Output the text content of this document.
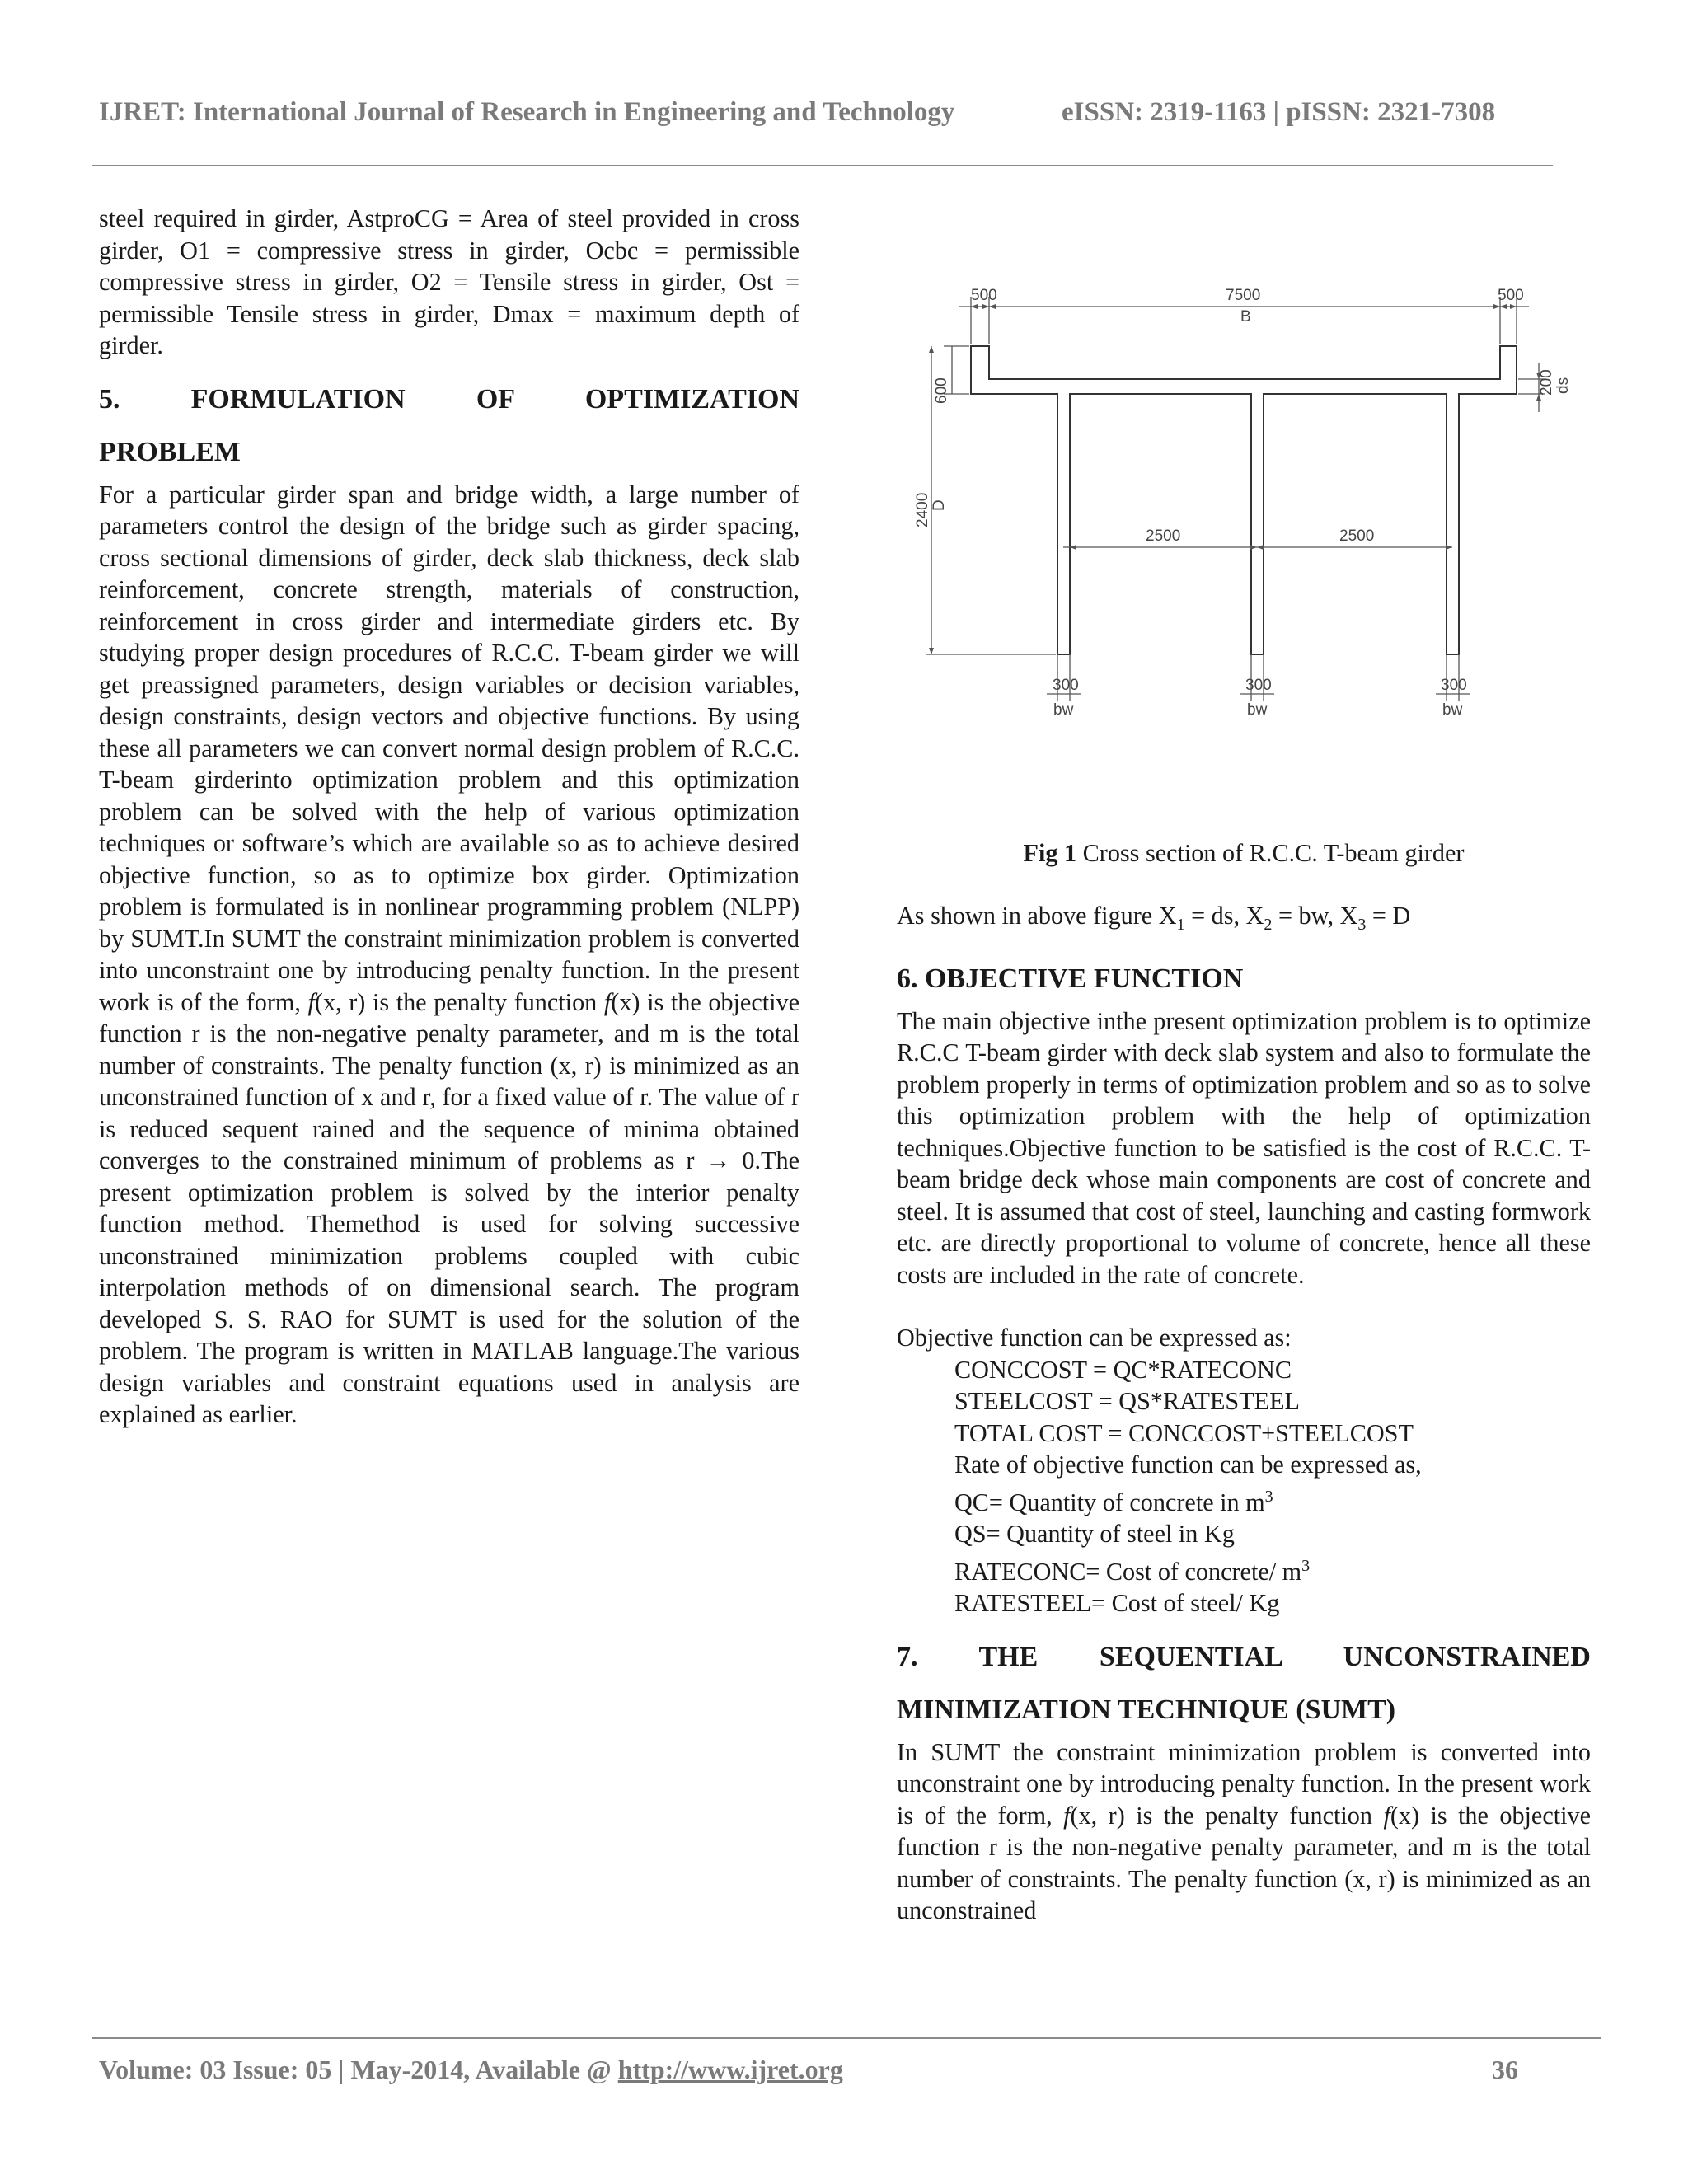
IJRET: International Journal of Research in Engineering and Technology	eISSN: 2319-1163 | pISSN: 2321-7308

steel required in girder, AstproCG = Area of steel provided in cross girder, O1 = compressive stress in girder, Ocbc = permissible compressive stress in girder, O2 = Tensile stress in girder, Ost = permissible Tensile stress in girder, Dmax = maximum depth of girder.

5. FORMULATION OF OPTIMIZATION
PROBLEM

For a particular girder span and bridge width, a large number of parameters control the design of the bridge such as girder spacing, cross sectional dimensions of girder, deck slab thickness, deck slab reinforcement, concrete strength, materials of construction, reinforcement in cross girder and intermediate girders etc. By studying proper design procedures of R.C.C. T-beam girder we will get preassigned parameters, design variables or decision variables, design constraints, design vectors and objective functions. By using these all parameters we can convert normal design problem of R.C.C. T-beam girderinto optimization problem and this optimization problem can be solved with the help of various optimization techniques or software’s which are available so as to achieve desired objective function, so as to optimize box girder. Optimization problem is formulated is in nonlinear programming problem (NLPP) by SUMT.In SUMT the constraint minimization problem is converted into unconstraint one by introducing penalty function. In the present work is of the form, f(x, r) is the penalty function f(x) is the objective function r is the non-negative penalty parameter, and m is the total number of constraints. The penalty function (x, r) is minimized as an unconstrained function of x and r, for a fixed value of r. The value of r is reduced sequent rained and the sequence of minima obtained converges to the constrained minimum of problems as r → 0.The present optimization problem is solved by the interior penalty function method. Themethod is used for solving successive unconstrained minimization problems coupled with cubic interpolation methods of on dimensional search. The program developed S. S. RAO for SUMT is used for the solution of the problem. The program is written in MATLAB language.The various design variables and constraint equations used in analysis are explained as earlier.

500	7500
B
500
600
2400 D
200 ds
2500	2500
300	300	300
bw	bw	bw
Fig 1 Cross section of R.C.C. T-beam girder

As shown in above figure $X_1$ = ds, $X_2$ = bw, $X_3 = D$

6. OBJECTIVE FUNCTION

The main objective inthe present optimization problem is to optimize R.C.C T-beam girder with deck slab system and also to formulate the problem properly in terms of optimization problem and so as to solve this optimization problem with the help of optimization techniques.Objective function to be satisfied is the cost of R.C.C. T-beam bridge deck whose main components are cost of concrete and steel. It is assumed that cost of steel, launching and casting formwork etc. are directly proportional to volume of concrete, hence all these costs are included in the rate of concrete.

Objective function can be expressed as:

CONCCOST = QC*RATECONC

STEELCOST = QS*RATESTEEL

TOTAL COST = CONCCOST+STEELCOST

Rate of objective function can be expressed as,

QC= Quantity of concrete in $m^3$

QS= Quantity of steel in Kg

RATECONC= Cost of concrete/ $m^3$

RATESTEEL= Cost of steel/ Kg

7. THE SEQUENTIAL UNCONSTRAINED
MINIMIZATION TECHNIQUE (SUMT)

In SUMT the constraint minimization problem is converted into unconstraint one by introducing penalty function. In the present work is of the form, f(x, r) is the penalty function f(x) is the objective function r is the non-negative penalty parameter, and m is the total number of constraints. The penalty function (x, r) is minimized as an unconstrained

Volume: 03 Issue: 05 | May-2014, Available @ http://www.ijret.org	36
